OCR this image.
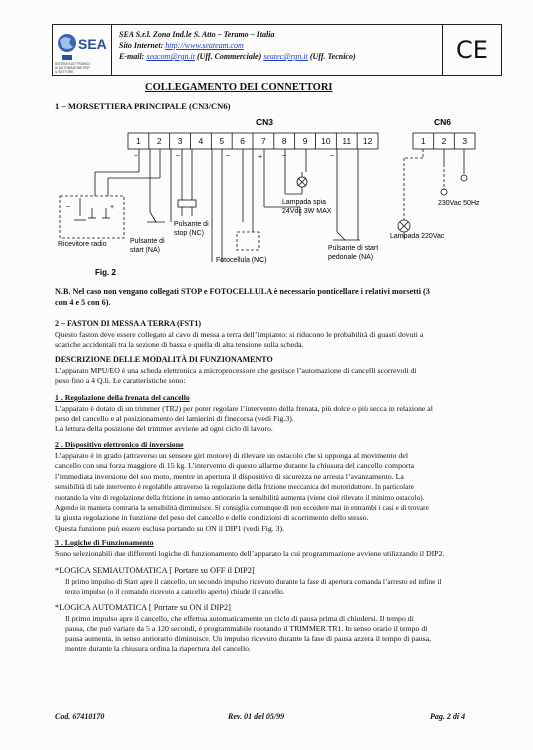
SEA
SISTEMI ELETTRONICI
DI AUTOMAZIONE PER
IL SETTORE
SEA S.r.l. Zona Ind.le S. Atto – Teramo – Italia
Sito Internet: http://www.seateam.com
E-mail: seacom@rgn.it (Uff. Commerciale) seatec@rgn.it (Uff. Tecnico)	CE
COLLEGAMENTO DEI CONNETTORI
1 – MORSETTIERA PRINCIPALE (CN3/CN6)
1 2 3 4 5 6 7 8 9 10 11 12	1 2 3
–	–	–	+	–	–
–	+
CN3	CN6
Ricevitore radio	Pulsante di
start (NA)
Pulsante di
stop (NC)
Fotocellula (NC)
Lampada spia
24Vdc 3W MAX
Pulsante di start
pedonale (NA)
Lampada 220Vac
230Vac 50Hz
Fig. 2
N.B. Nel caso non vengano collegati STOP e FOTOCELLULA è necessario ponticellare i relativi morsetti (3
con 4 e 5 con 6).
2 – FASTON DI MESSA A TERRA (FST1)
Questo faston deve essere collegato al cavo di messa a terra dell’impianto: si riducono le probabilità di guasti dovuti a
scariche accidentali tra la sezione di bassa e quella di alta tensione sulla scheda.
DESCRIZIONE DELLE MODALITÀ DI FUNZIONAMENTO
L’apparato MPU/EO è una scheda elettronica a microprocessore che gestisce l’automazione di cancelli scorrevoli di
peso fino a 4 Q.li. Le caratteristiche sono:
1 . Regolazione della frenata del cancello
L’apparato è dotato di un trimmer (TR2) per poter regolare l’intervento della frenata, più dolce o più secca in relazione al
peso del cancello e al posizionamento dei lamierini di finecorsa (vedi Fig.3).
La lettura della posizione del trimmer avviene ad ogni ciclo di lavoro.
2 . Dispositivo elettronico di inversione
L’apparato è in grado (attraverso un sensore giri motore) di rilevare un ostacolo che si opponga al movimento del
cancello con una forza maggiore di 15 kg. L’intervento di questo allarme durante la chiusura del cancello comporta
l’immediata inversione del suo moto, mentre in apertura il dispositivo di sicurezza ne arresta l’avanzamento. La
sensibilità di tale intervento è regolabile attraverso la regolazione della frizione meccanica del motoriduttore. In particolare
ruotando la vite di regolazione della frizione in senso antiorario la sensibilità aumenta (viene cioè rilevato il minimo ostacolo).
Agendo in maniera contraria la sensibilità diminuisce. Si consiglia comunque di non eccedere mai in entrambi i casi e di trovare
la giusta regolazione in funzione del peso del cancello e delle condizioni di scorrimento dello stesso.
Questa funzione può essere esclusa portando su ON il DIP1 (vedi Fig. 3).
3 . Logiche di Funzionamento
Sono selezionabili due differenti logiche di funzionamento dell’apparato la cui programmazione avviene utilizzando il DIP2.
*LOGICA SEMIAUTOMATICA [ Portare su OFF il DIP2]
Il primo impulso di Start apre il cancello, un secondo impulso ricevuto durante la fase di apertura comanda l’arresto ed infine il
terzo impulso (o il comando ricevuto a cancello aperto) chiude il cancello.
*LOGICA AUTOMATICA [ Portare su ON il DIP2]
Il primo impulso apre il cancello, che effettua automaticamente un ciclo di pausa prima di chiudersi. Il tempo di
pausa, che può variare da 5 a 120 secondi, è programmabile ruotando il TRIMMER TR1. In senso orario il tempo di
pausa aumenta, in senso antiorario diminuisce. Un impulso ricevuto durante la fase di pausa azzera il tempo di pausa,
mentre durante la chiusura ordina la riapertura del cancello.
Cod. 67410170	Rev. 01 del 05/99	Pag. 2 di 4
